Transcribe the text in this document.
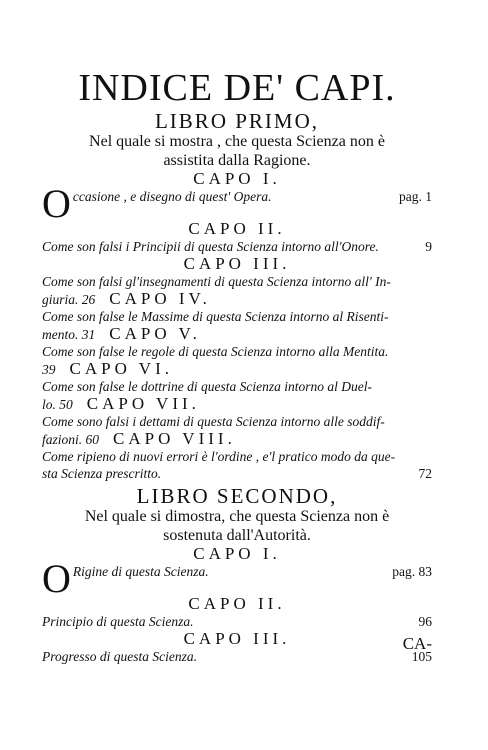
INDICE DE' CAPI.
LIBRO PRIMO,
Nel quale si mostra , che questa Scienza non è
assistita dalla Ragione.
CAPO I.
O ccasione , e disegno di quest' Opera.	pag. 1
CAPO II.
Come son falsi i Principii di questa Scienza intorno all'Onore.	9
CAPO III.
Come son falsi gl'insegnamenti di questa Scienza intorno all' In-
giuria. 26 CAPO IV.
Come son false le Massime di questa Scienza intorno al Risenti-
mento. 31 CAPO V.
Come son false le regole di questa Scienza intorno alla Mentita.
39 CAPO VI.
Come son false le dottrine di questa Scienza intorno al Duel-
lo. 50 CAPO VII.
Come sono falsi i dettami di questa Scienza intorno alle soddif-
fazioni. 60 CAPO VIII.
Come ripieno di nuovi errori è l'ordine , e'l pratico modo da que-
sta Scienza prescritto.	72
LIBRO SECONDO,
Nel quale si dimostra, che questa Scienza non è
sostenuta dall'Autorità.
CAPO I.
O Rigine di questa Scienza.	pag. 83
CAPO II.
Principio di questa Scienza.	96
CAPO III.
Progresso di questa Scienza.	105
CA-
